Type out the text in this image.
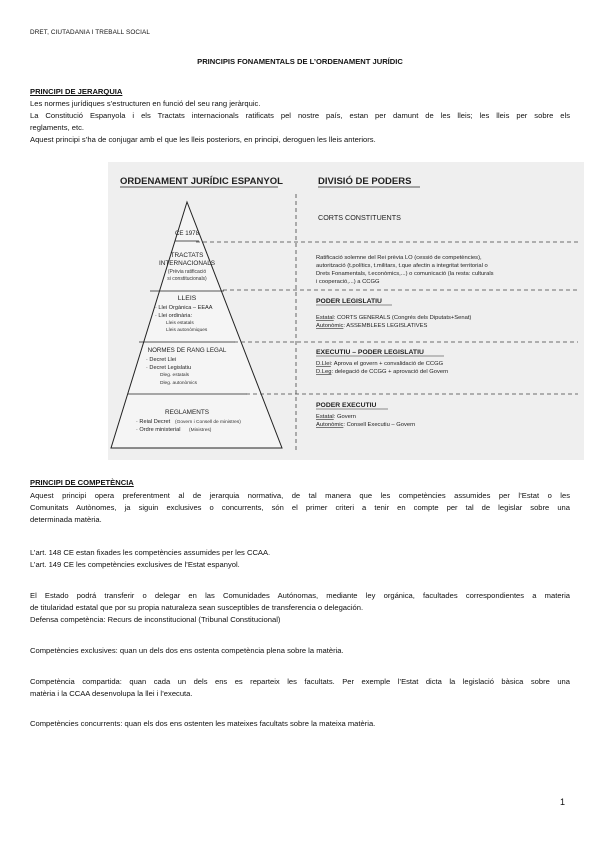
DRET, CIUTADANIA I TREBALL SOCIAL
PRINCIPIS FONAMENTALS DE L’ORDENAMENT JURÍDIC
PRINCIPI DE JERARQUIA
Les normes jurídiques s’estructuren en funció del seu rang jeràrquic.
La Constitució Espanyola i els Tractats internacionals ratificats pel nostre país, estan per damunt de les lleis; les lleis per sobre els
reglaments, etc.
Aquest principi s’ha de conjugar amb el que les lleis posteriors, en principi, deroguen les lleis anteriors.
ORDENAMENT JURÍDIC ESPANYOL	DIVISIÓ DE PODERS
CE 1978
TRACTATS
INTERNACIONALS
(Prèvia ratificació
si constitucionals)
LLEIS
· Llei Orgànica – EEAA
· Llei ordinària:
Lleis estatals
Lleis autonòmiques
NORMES DE RANG LEGAL
· Decret Llei
· Decret Legislatiu
Dleg. estatals
Dleg. autonòmics
REGLAMENTS
· Reial Decret (Govern i Consell de ministres)
· Ordre ministerial (Ministres)
CORTS CONSTITUENTS
Ratificació solemne del Rei prèvia LO (cessió de competències),
autorització (t.polítics, t.militars, t.que afectin a integritat territorial o
Drets Fonamentals, t.econòmics,...) o comunicació (la resta: culturals
i cooperació,...) a CCGG
PODER LEGISLATIU
Estatal: CORTS GENERALS (Congrés dels Diputats+Senat)
Autonòmic: ASSEMBLEES LEGISLATIVES
EXECUTIU – PODER LEGISLATIU
D.Llei: Aprova el govern + convalidació de CCGG
D.Leg: delegació de CCGG + aprovació del Govern
PODER EXECUTIU
Estatal: Govern
Autonòmic: Consell Executiu – Govern
PRINCIPI DE COMPETÈNCIA
Aquest principi opera preferentment al de jerarquia normativa, de tal manera que les competències assumides per l’Estat o les
Comunitats Autònomes, ja siguin exclusives o concurrents, són el primer criteri a tenir en compte per tal de legislar sobre una
determinada matèria.
L’art. 148 CE estan fixades les competències assumides per les CCAA.
L’art. 149 CE les competències exclusives de l’Estat espanyol.
El Estado podrá transferir o delegar en las Comunidades Autónomas, mediante ley orgánica, facultades correspondientes a materia
de titularidad estatal que por su propia naturaleza sean susceptibles de transferencia o delegación.
Defensa competència: Recurs de inconstitucional (Tribunal Constitucional)
Competències exclusives: quan un dels dos ens ostenta competència plena sobre la matèria.
Competència compartida: quan cada un dels ens es reparteix les facultats. Per exemple l’Estat dicta la legislació bàsica sobre una
matèria i la CCAA desenvolupa la llei i l’executa.
Competències concurrents: quan els dos ens ostenten les mateixes facultats sobre la mateixa matèria.
1
